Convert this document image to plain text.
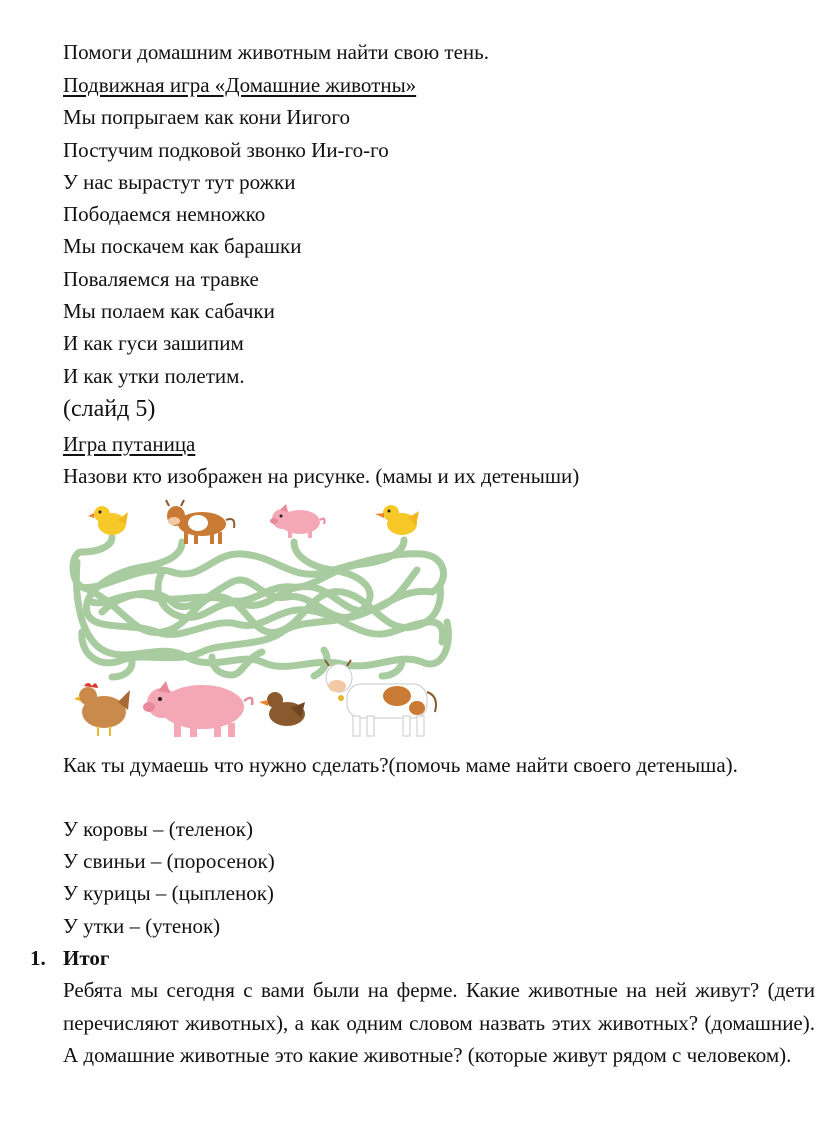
Помоги домашним животным найти свою тень.
Подвижная игра «Домашние животны»
Мы попрыгаем как кони Иигого
Постучим подковой звонко Ии-го-го
У нас вырастут тут рожки
Пободаемся немножко
Мы поскачем как барашки
Поваляемся на травке
Мы полаем как сабачки
И как гуси зашипим
И как утки полетим.
(слайд 5)
Игра путаница
Назови кто изображен на рисунке. (мамы и их детеныши)
Как ты думаешь что нужно сделать?(помочь маме найти своего детеныша).
У коровы – (теленок)
У свиньи – (поросенок)
У курицы – (цыпленок)
У утки – (утенок)
1. Итог
Ребята мы сегодня с вами были на ферме. Какие животные на ней живут? (дети перечисляют животных), а как одним словом назвать этих животных? (домашние). А домашние животные это какие животные? (которые живут рядом с человеком).
